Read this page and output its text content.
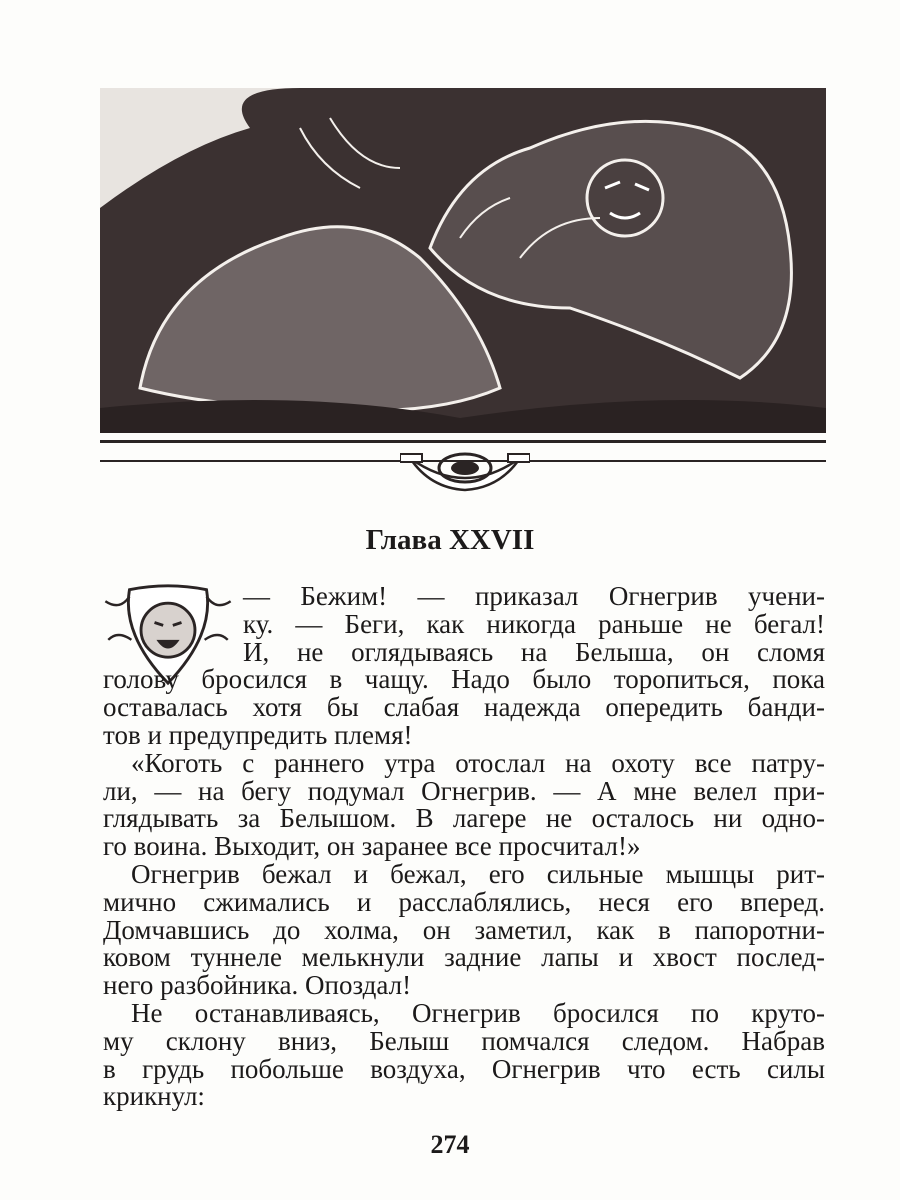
Глава XXVII
— Бежим! — приказал Огнегрив учени-
ку. — Беги, как никогда раньше не бегал!
И, не оглядываясь на Белыша, он сломя
голову бросился в чащу. Надо было торопиться, пока
оставалась хотя бы слабая надежда опередить банди-
тов и предупредить племя!
«Коготь с раннего утра отослал на охоту все патру-
ли, — на бегу подумал Огнегрив. — А мне велел при-
глядывать за Белышом. В лагере не осталось ни одно-
го воина. Выходит, он заранее все просчитал!»
Огнегрив бежал и бежал, его сильные мышцы рит-
мично сжимались и расслаблялись, неся его вперед.
Домчавшись до холма, он заметил, как в папоротни-
ковом туннеле мелькнули задние лапы и хвост послед-
него разбойника. Опоздал!
Не останавливаясь, Огнегрив бросился по круто-
му склону вниз, Белыш помчался следом. Набрав
в грудь побольше воздуха, Огнегрив что есть силы
крикнул:
274
